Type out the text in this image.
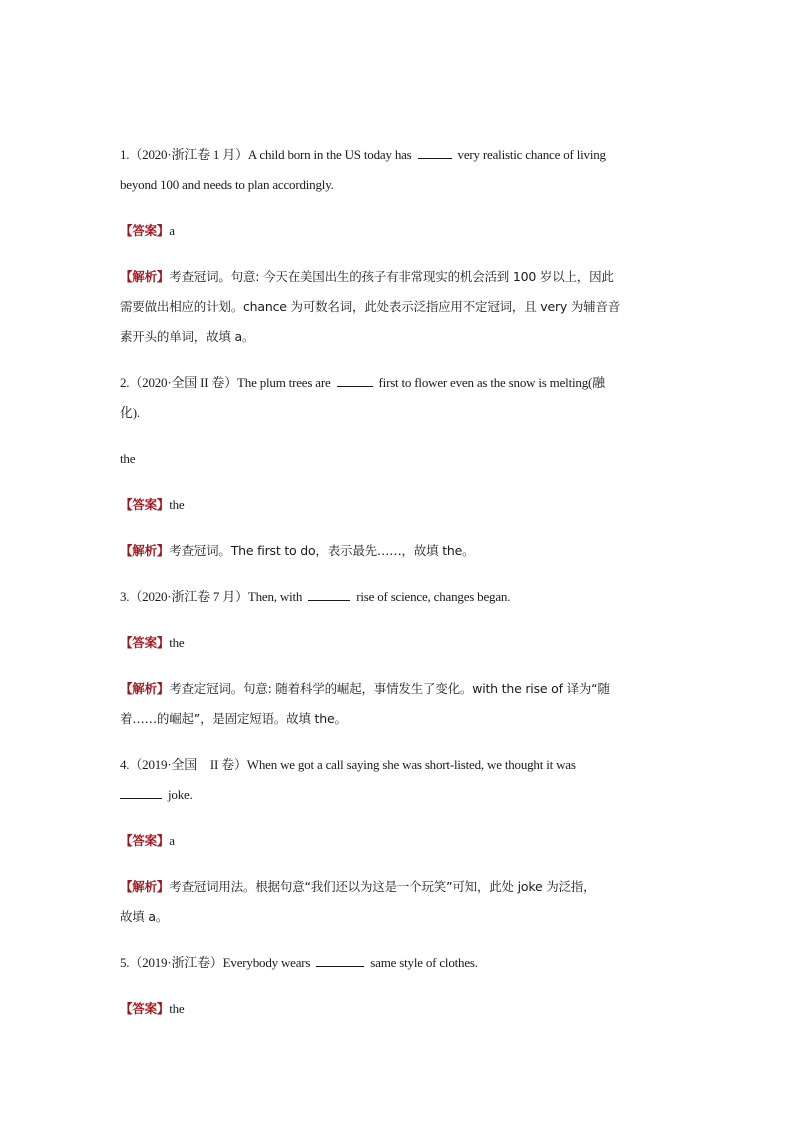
1.（2020·浙江卷 1 月）A child born in the US today has	very realistic chance of living
beyond 100 and needs to plan accordingly.
【答案】a
【解析】考查冠词。句意: 今天在美国出生的孩子有非常现实的机会活到 100 岁以上，因此
需要做出相应的计划。chance 为可数名词，此处表示泛指应用不定冠词，且 very 为辅音音
素开头的单词，故填 a。
2.（2020·全国 II 卷）The plum trees are	first to flower even as the snow is melting(融
化).
the
【答案】the
【解析】考查冠词。The first to do，表示最先……，故填 the。
3.（2020·浙江卷 7 月）Then, with	rise of science, changes began.
【答案】the
【解析】考查定冠词。句意: 随着科学的崛起，事情发生了变化。with the rise of 译为“随
着……的崛起”，是固定短语。故填 the。
4.（2019·全国　II 卷）When we got a call saying she was short-listed, we thought it was
joke.
【答案】a
【解析】考查冠词用法。根据句意“我们还以为这是一个玩笑”可知，此处 joke 为泛指，
故填 a。
5.（2019·浙江卷）Everybody wears	same style of clothes.
【答案】the
